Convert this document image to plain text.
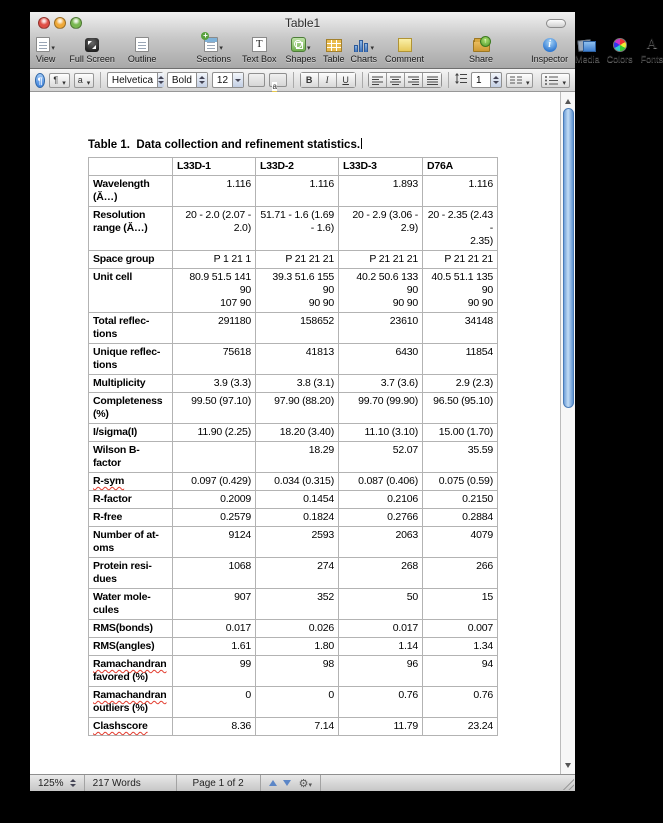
Table1
▾
View Full Screen Outline
+
▾
Sections
T
Text Box
▾
Shapes Table
▾
Charts Comment
↑	Share
i
Inspector Media Colors
A
Fonts
¶ ¶ ▾ a ▾	Helvetica	Bold	12
a
B	I	U	1	▾	▾
Table 1.  Data collection and refinement statistics.
	L33D-1	L33D-2	L33D-3	D76A
Wavelength
(Ă…)	1.116	1.116	1.893	1.116
Resolution
range (Ă…)	20 - 2.0 (2.07 -
2.0)	51.71 - 1.6 (1.69
- 1.6)	20 - 2.9 (3.06 -
2.9)	20 - 2.35 (2.43 -
2.35)
Space group	P 1 21 1	P 21 21 21	P 21 21 21	P 21 21 21
Unit cell	80.9 51.5 141 90
107 90	39.3 51.6 155 90
90 90	40.2 50.6 133 90
90 90	40.5 51.1 135 90
90 90
Total reflec-
tions	291180	158652	23610	34148
Unique reflec-
tions	75618	41813	6430	11854
Multiplicity	3.9 (3.3)	3.8 (3.1)	3.7 (3.6)	2.9 (2.3)
Completeness
(%)	99.50 (97.10)	97.90 (88.20)	99.70 (99.90)	96.50 (95.10)
I/sigma(I)	11.90 (2.25)	18.20 (3.40)	11.10 (3.10)	15.00 (1.70)
Wilson B-
factor		18.29	52.07	35.59
R-sym	0.097 (0.429)	0.034 (0.315)	0.087 (0.406)	0.075 (0.59)
R-factor	0.2009	0.1454	0.2106	0.2150
R-free	0.2579	0.1824	0.2766	0.2884
Number of at-
oms	9124	2593	2063	4079
Protein resi-
dues	1068	274	268	266
Water mole-
cules	907	352	50	15
RMS(bonds)	0.017	0.026	0.017	0.007
RMS(angles)	1.61	1.80	1.14	1.34
Ramachandran
favored (%)	99	98	96	94
Ramachandran
outliers (%)	0	0	0.76	0.76
Clashscore	8.36	7.14	11.79	23.24
125%	217 Words	Page 1 of 2	⚙▾
